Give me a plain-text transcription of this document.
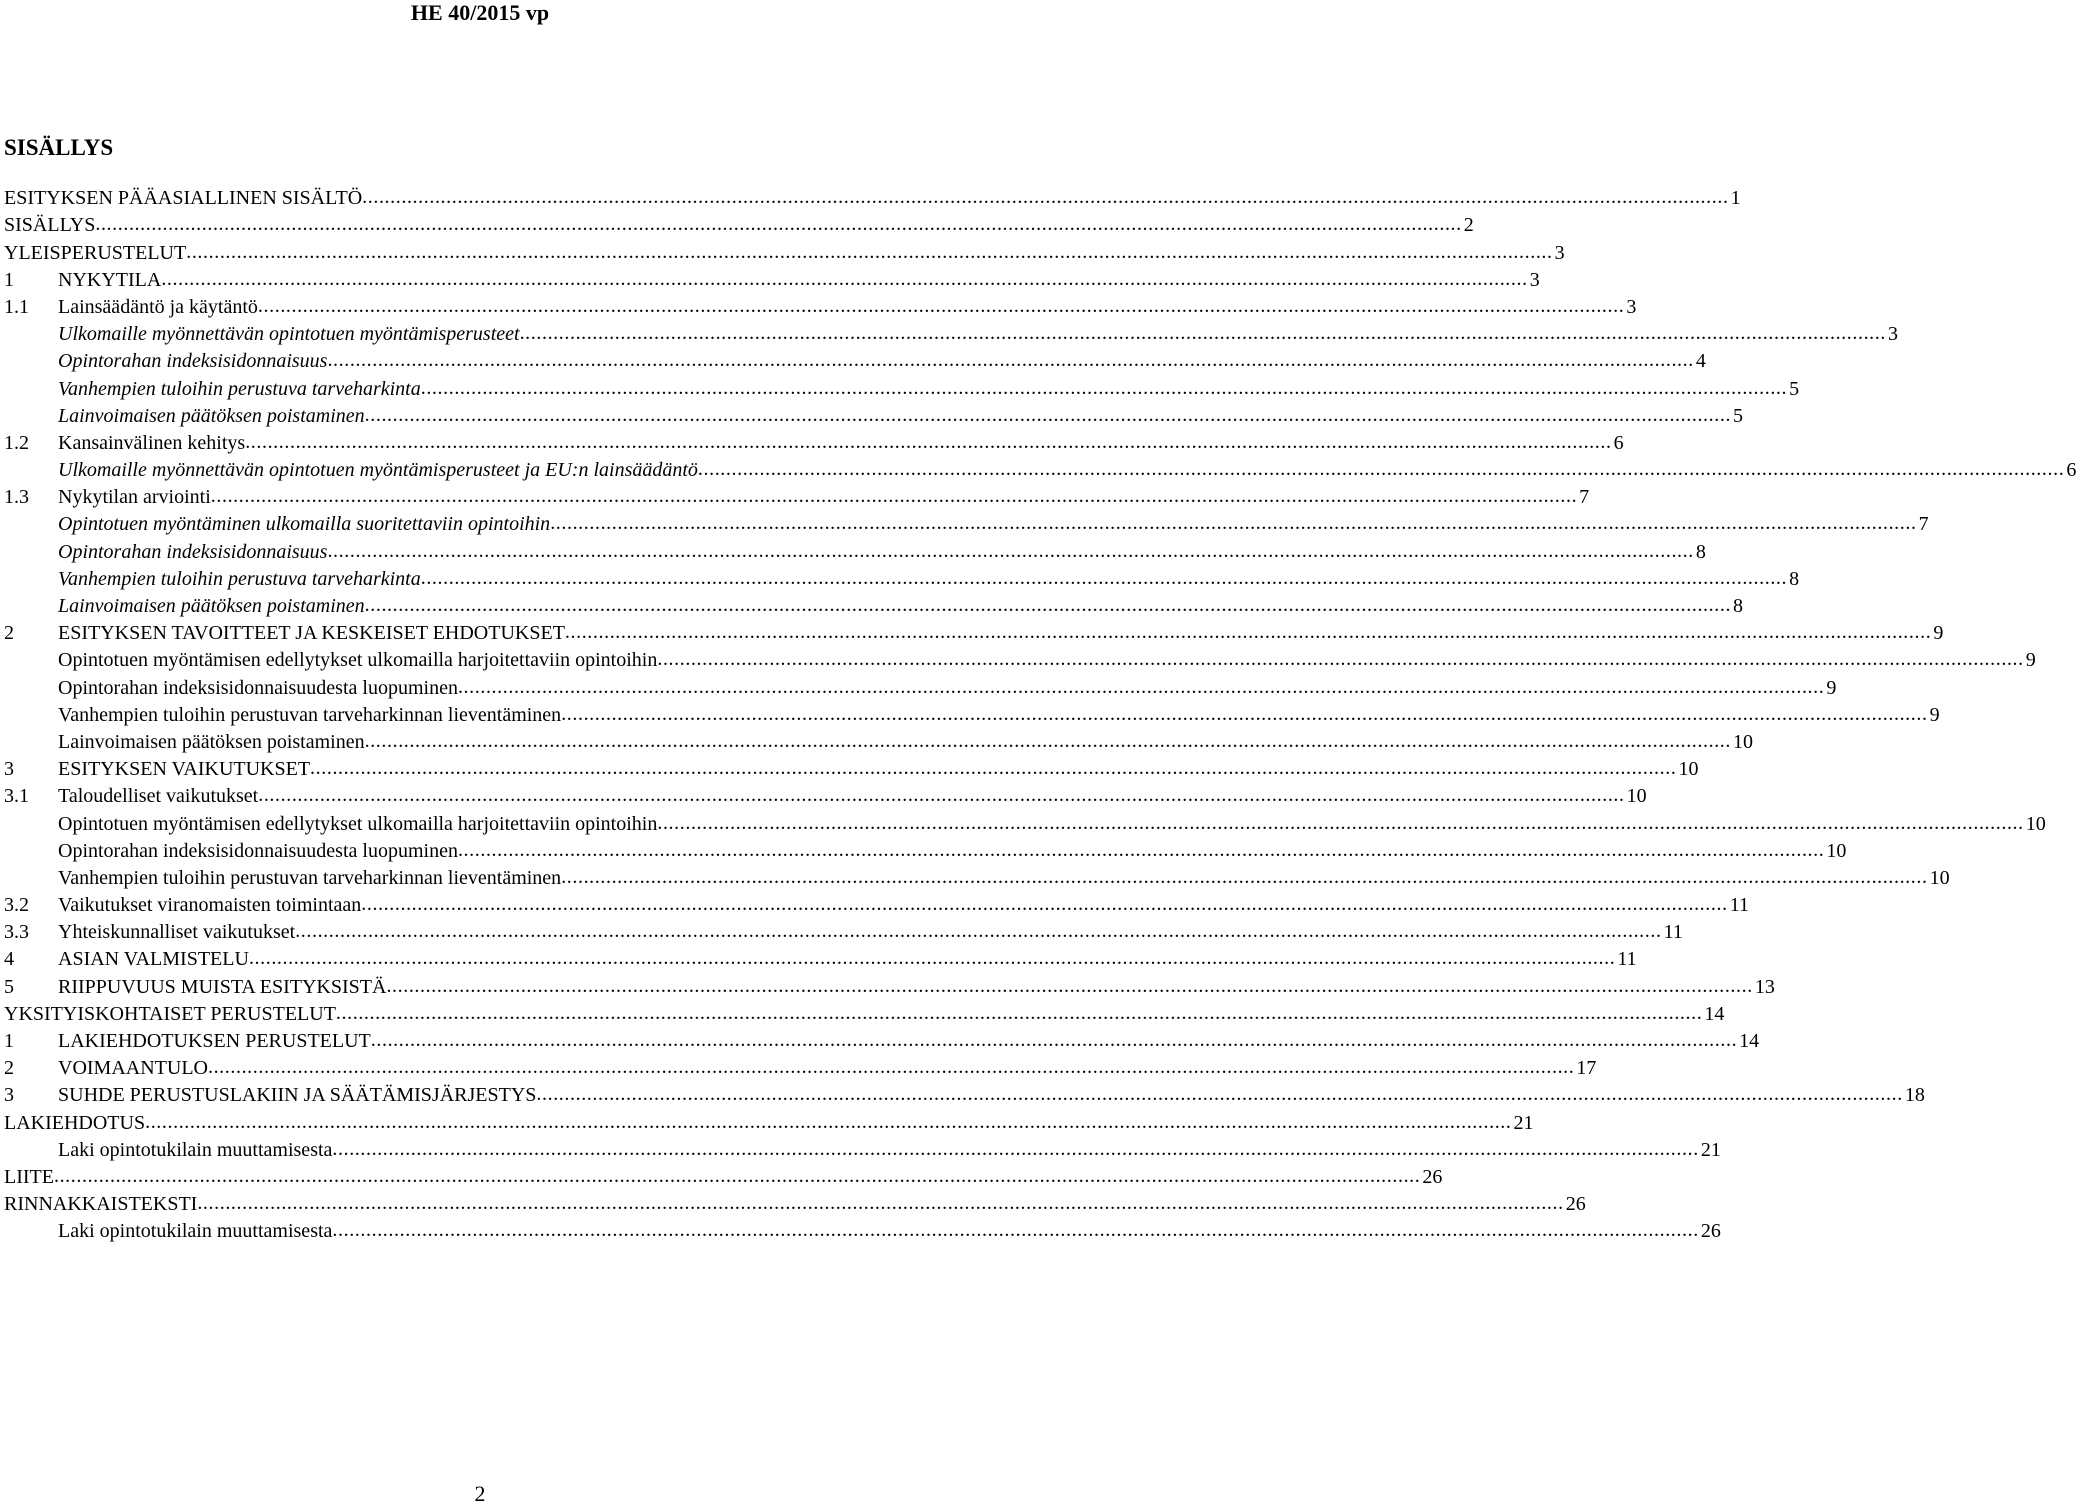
HE 40/2015 vp
SISÄLLYS
ESITYKSEN PÄÄASIALLINEN SISÄLTÖ .....	1
SISÄLLYS .....	2
YLEISPERUSTELUT .....	3
1	NYKYTILA .....	3
1.1	Lainsäädäntö ja käytäntö .....	3
Ulkomaille myönnettävän opintotuen myöntämisperusteet .....	3
Opintorahan indeksisidonnaisuus .....	4
Vanhempien tuloihin perustuva tarveharkinta .....	5
Lainvoimaisen päätöksen poistaminen .....	5
1.2	Kansainvälinen kehitys .....	6
Ulkomaille myönnettävän opintotuen myöntämisperusteet ja EU:n lainsäädäntö .....	6
1.3	Nykytilan arviointi .....	7
Opintotuen myöntäminen ulkomailla suoritettaviin opintoihin .....	7
Opintorahan indeksisidonnaisuus .....	8
Vanhempien tuloihin perustuva tarveharkinta .....	8
Lainvoimaisen päätöksen poistaminen .....	8
2	ESITYKSEN TAVOITTEET JA KESKEISET EHDOTUKSET .....	9
Opintotuen myöntämisen edellytykset ulkomailla harjoitettaviin opintoihin .....	9
Opintorahan indeksisidonnaisuudesta luopuminen .....	9
Vanhempien tuloihin perustuvan tarveharkinnan lieventäminen .....	9
Lainvoimaisen päätöksen poistaminen .....	10
3	ESITYKSEN VAIKUTUKSET .....	10
3.1	Taloudelliset vaikutukset .....	10
Opintotuen myöntämisen edellytykset ulkomailla harjoitettaviin opintoihin .....	10
Opintorahan indeksisidonnaisuudesta luopuminen .....	10
Vanhempien tuloihin perustuvan tarveharkinnan lieventäminen .....	10
3.2	Vaikutukset viranomaisten toimintaan .....	11
3.3	Yhteiskunnalliset vaikutukset .....	11
4	ASIAN VALMISTELU .....	11
5	RIIPPUVUUS MUISTA ESITYKSISTÄ .....	13
YKSITYISKOHTAISET PERUSTELUT .....	14
1	LAKIEHDOTUKSEN PERUSTELUT .....	14
2	VOIMAANTULO .....	17
3	SUHDE PERUSTUSLAKIIN JA SÄÄTÄMISJÄRJESTYS .....	18
LAKIEHDOTUS .....	21
Laki opintotukilain muuttamisesta .....	21
LIITE .....	26
RINNAKKAISTEKSTI .....	26
Laki opintotukilain muuttamisesta .....	26
2
